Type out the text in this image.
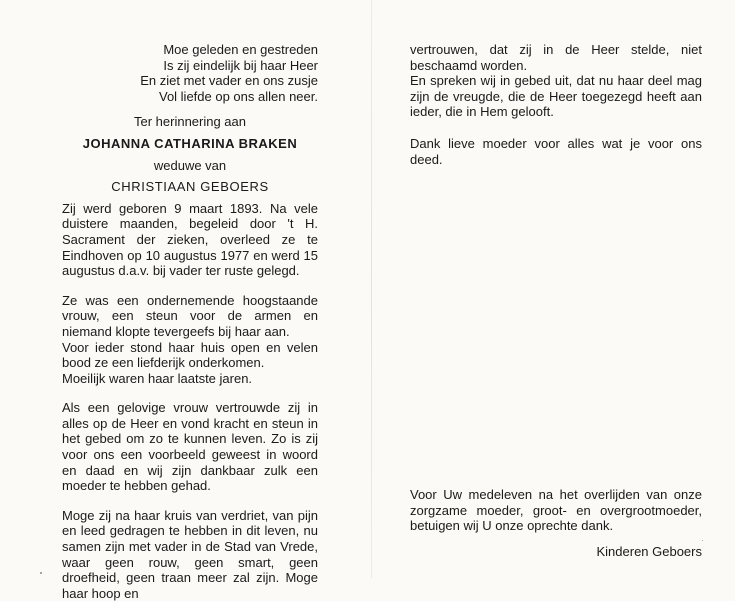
Moe geleden en gestreden
Is zij eindelijk bij haar Heer
En ziet met vader en ons zusje
Vol liefde op ons allen neer.
Ter herinnering aan
JOHANNA CATHARINA BRAKEN
weduwe van
CHRISTIAAN GEBOERS

Zij werd geboren 9 maart 1893. Na vele duistere maanden, begeleid door 't H. Sacrament der zieken, overleed ze te Eindhoven op 10 augustus 1977 en werd 15 augustus d.a.v. bij vader ter ruste gelegd.

Ze was een ondernemende hoogstaande vrouw, een steun voor de armen en niemand klopte tevergeefs bij haar aan.
Voor ieder stond haar huis open en velen bood ze een liefderijk onderkomen.
Moeilijk waren haar laatste jaren.

Als een gelovige vrouw vertrouwde zij in alles op de Heer en vond kracht en steun in het gebed om zo te kunnen leven. Zo is zij voor ons een voorbeeld geweest in woord en daad en wij zijn dankbaar zulk een moeder te hebben gehad.

Moge zij na haar kruis van verdriet, van pijn en leed gedragen te hebben in dit leven, nu samen zijn met vader in de Stad van Vrede, waar geen rouw, geen smart, geen droefheid, geen traan meer zal zijn. Moge haar hoop en

vertrouwen, dat zij in de Heer stelde, niet beschaamd worden.

En spreken wij in gebed uit, dat nu haar deel mag zijn de vreugde, die de Heer toegezegd heeft aan ieder, die in Hem gelooft.

Dank lieve moeder voor alles wat je voor ons deed.

Voor Uw medeleven na het overlijden van onze zorgzame moeder, groot- en overgrootmoeder, betuigen wij U onze oprechte dank.

Kinderen Geboers
